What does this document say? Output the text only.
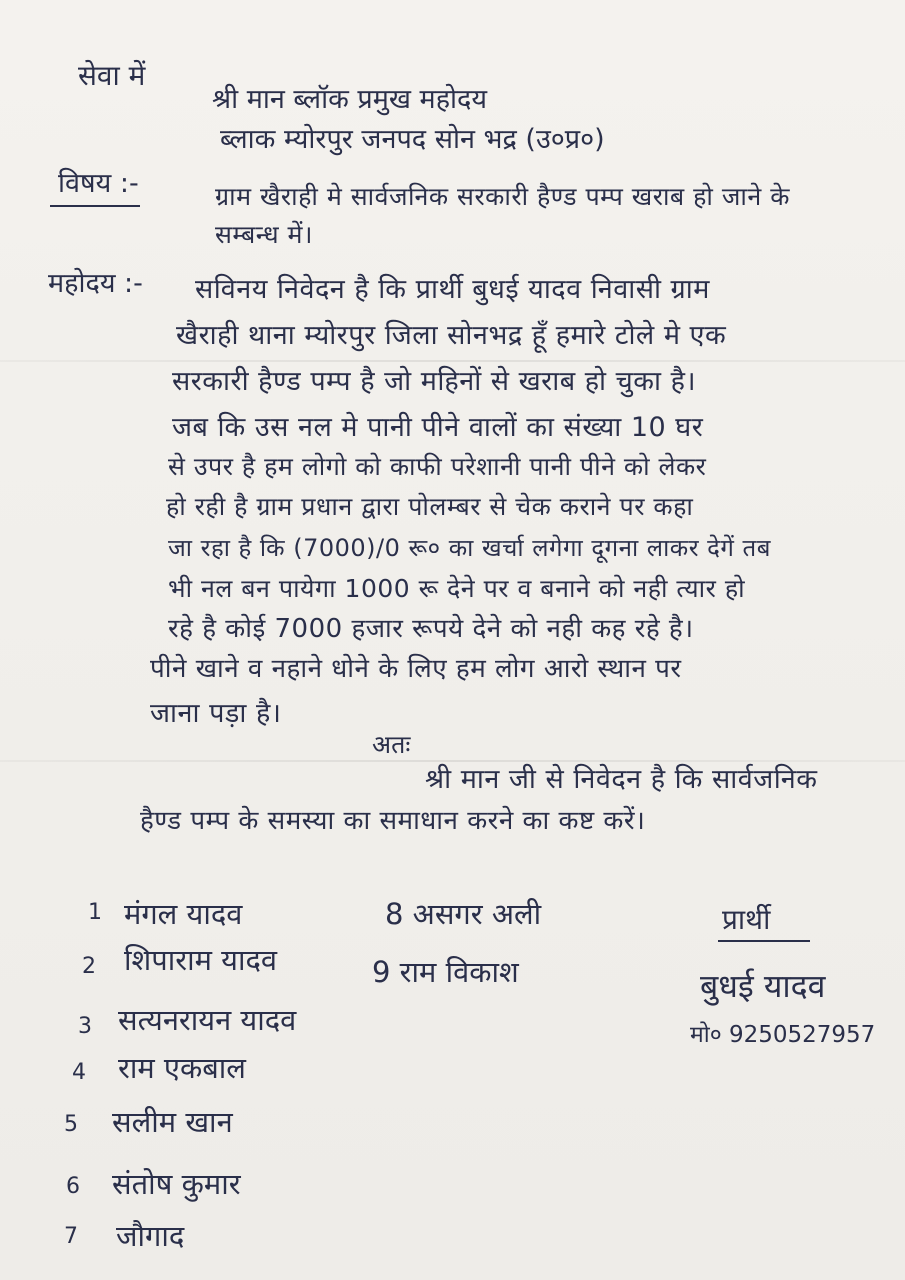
सेवा में
श्री मान ब्लॉक प्रमुख महोदय
ब्लाक म्योरपुर जनपद सोन भद्र (उ०प्र०)
विषय :-	ग्राम खैराही मे सार्वजनिक सरकारी हैण्ड पम्प खराब हो जाने के
सम्बन्ध में।
महोदय :- सविनय निवेदन है कि प्रार्थी बुधई यादव निवासी ग्राम
खैराही थाना म्योरपुर जिला सोनभद्र हूँ हमारे टोले मे एक
सरकारी हैण्ड पम्प है जो महिनों से खराब हो चुका है।
जब कि उस नल मे पानी पीने वालों का संख्या 10 घर
से उपर है हम लोगो को काफी परेशानी पानी पीने को लेकर
हो रही है ग्राम प्रधान द्वारा पोलम्बर से चेक कराने पर कहा
जा रहा है कि (7000)/0 रू० का खर्चा लगेगा दूगना लाकर देगें तब
भी नल बन पायेगा 1000 रू देने पर व बनाने को नही त्यार हो
रहे है कोई 7000 हजार रूपये देने को नही कह रहे है।
पीने खाने व नहाने धोने के लिए हम लोग आरो स्थान पर
जाना पड़ा है।
अतः
श्री मान जी से निवेदन है कि सार्वजनिक
हैण्ड पम्प के समस्या का समाधान करने का कष्ट करें।
1 मंगल यादव
2 शिपाराम यादव
3 सत्यनरायन यादव
4 राम एकबाल
5 सलीम खान
6 संतोष कुमार
7 जौगाद
8 असगर अली
9 राम विकाश
प्रार्थी
बुधई यादव
मो० 9250527957
